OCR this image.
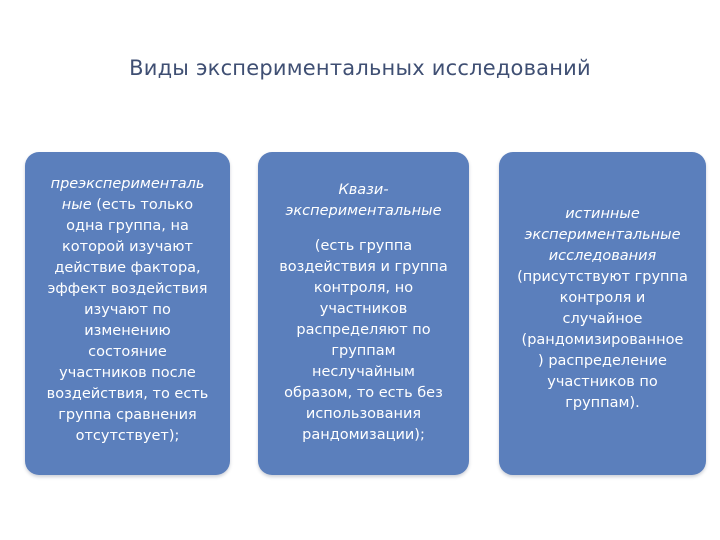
Виды экспериментальных исследований
преэксперименталь
ные (есть только
одна группа, на
которой изучают
действие фактора,
эффект воздействия
изучают по
изменению
состояние
участников после
воздействия, то есть
группа сравнения
отсутствует);
Квази-
экспериментальные
(есть группа
воздействия и группа
контроля, но
участников
распределяют по
группам
неслучайным
образом, то есть без
использования
рандомизации);
истинные
экспериментальные
исследования
(присутствуют группа
контроля и
случайное
(рандомизированное
) распределение
участников по
группам).
